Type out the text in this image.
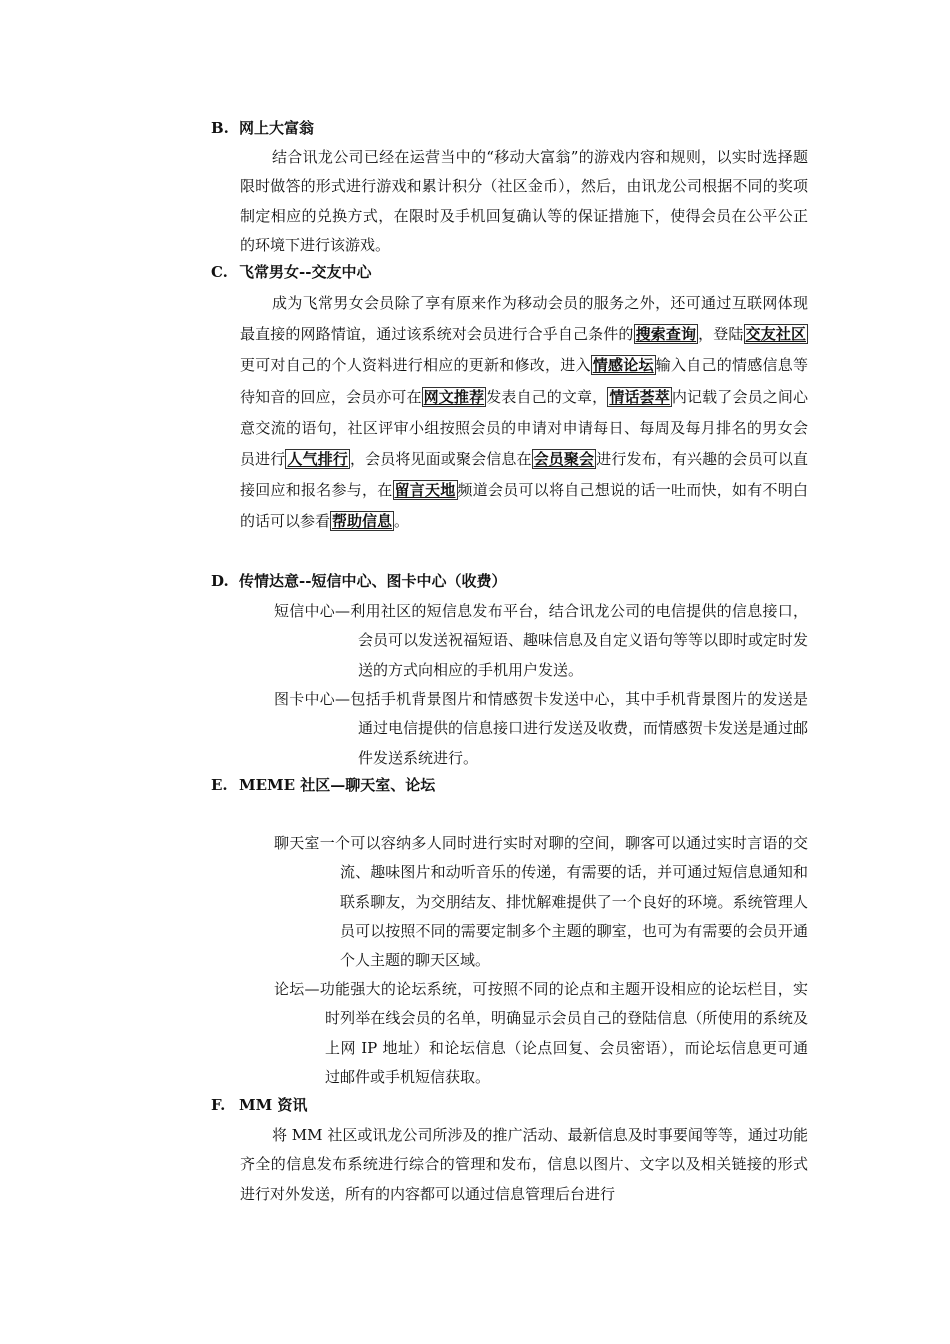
B. 网上大富翁
结合讯龙公司已经在运营当中的“移动大富翁”的游戏内容和规则，以实时选择题限时做答的形式进行游戏和累计积分（社区金币），然后，由讯龙公司根据不同的奖项制定相应的兑换方式，在限时及手机回复确认等的保证措施下，使得会员在公平公正的环境下进行该游戏。
C. 飞常男女--交友中心
成为飞常男女会员除了享有原来作为移动会员的服务之外，还可通过互联网体现最直接的网路情谊，通过该系统对会员进行合乎自己条件的 搜索查询 ，登陆 交友社区更可对自己的个人资料进行相应的更新和修改，进入 情感论坛 输入自己的情感信息等待知音的回应，会员亦可在 网文推荐 发表自己的文章， 情话荟萃 内记载了会员之间心意交流的语句，社区评审小组按照会员的申请对申请每日、每周及每月排名的男女会员进行 人气排行 ，会员将见面或聚会信息在 会员聚会 进行发布，有兴趣的会员可以直接回应和报名参与，在 留言天地 频道会员可以将自己想说的话一吐而快，如有不明白的话可以参看 帮助信息 。
D. 传情达意--短信中心、图卡中心（收费）
短信中心—利用社区的短信息发布平台，结合讯龙公司的电信提供的信息接口，会员可以发送祝福短语、趣味信息及自定义语句等等以即时或定时发送的方式向相应的手机用户发送。
图卡中心—包括手机背景图片和情感贺卡发送中心，其中手机背景图片的发送是通过电信提供的信息接口进行发送及收费，而情感贺卡发送是通过邮件发送系统进行。
E. MEME 社区—聊天室、论坛
聊天室一个可以容纳多人同时进行实时对聊的空间，聊客可以通过实时言语的交流、趣味图片和动听音乐的传递，有需要的话，并可通过短信息通知和联系聊友，为交朋结友、排忧解难提供了一个良好的环境。系统管理人员可以按照不同的需要定制多个主题的聊室，也可为有需要的会员开通个人主题的聊天区域。
论坛—功能强大的论坛系统，可按照不同的论点和主题开设相应的论坛栏目，实时列举在线会员的名单，明确显示会员自己的登陆信息（所使用的系统及上网 IP 地址）和论坛信息（论点回复、会员密语），而论坛信息更可通过邮件或手机短信获取。
F. MM 资讯
将 MM 社区或讯龙公司所涉及的推广活动、最新信息及时事要闻等等，通过功能齐全的信息发布系统进行综合的管理和发布，信息以图片、文字以及相关链接的形式进行对外发送，所有的内容都可以通过信息管理后台进行
